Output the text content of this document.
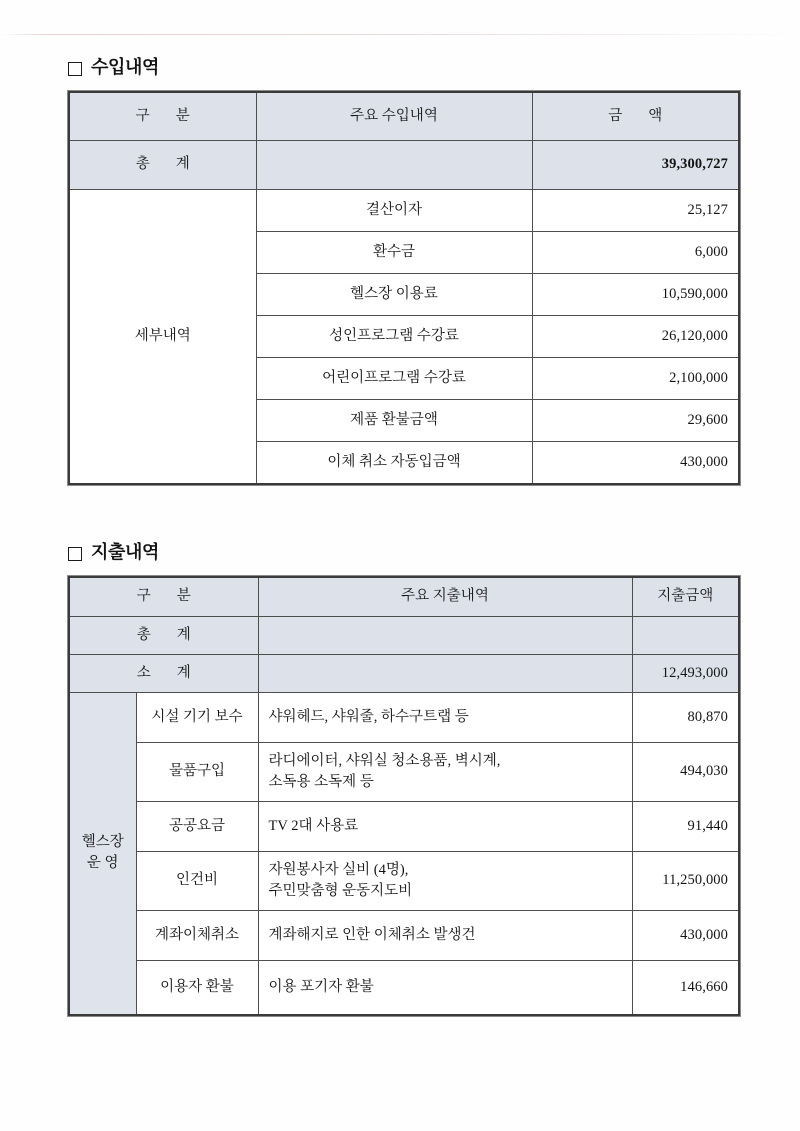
수입내역
구 분	주요 수입내역	금 액
총 계		39,300,727
세부내역	결산이자	25,127
	환수금	6,000
	헬스장 이용료	10,590,000
	성인프로그램 수강료	26,120,000
	어린이프로그램 수강료	2,100,000
	제품 환불금액	29,600
	이체 취소 자동입금액	430,000
지출내역
구 분		주요 지출내역	지출금액
총 계			
소 계			12,493,000

헬스장
운 영	시설 기기 보수	샤워헤드, 샤워줄, 하수구트랩 등	80,870
	물품구입	라디에이터, 샤워실 청소용품, 벽시계,
소독용 소독제 등	494,030
	공공요금	TV 2대 사용료	91,440
	인건비	자원봉사자 실비 (4명),
주민맞춤형 운동지도비	11,250,000
	계좌이체취소	계좌해지로 인한 이체취소 발생건	430,000
	이용자 환불	이용 포기자 환불	146,660
